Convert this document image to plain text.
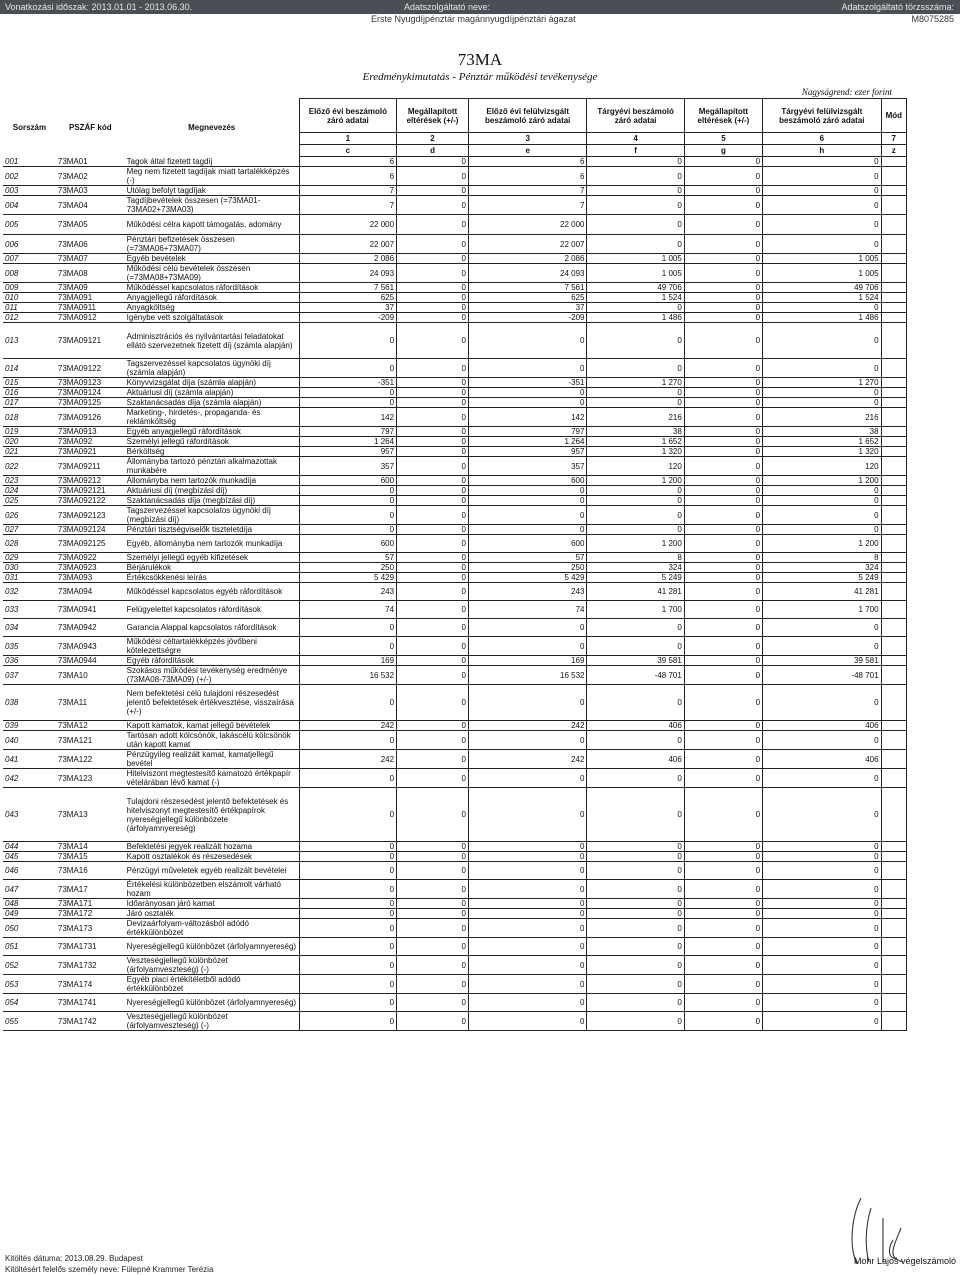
Vonatkozási időszak: 2013.01.01 - 2013.06.30.	Adatszolgáltató neve:	Adatszolgáltató törzsszáma:
Erste Nyugdíjpénztár magánnyugdíjpénztári ágazat	M8075285
73MA
Eredménykimutatás - Pénztár működési tevékenysége
Nagyságrend: ezer forint
Sorszám	PSZÁF kód	Megnevezés	Előző évi beszámoló záró adatai	Megállapított eltérések (+/-)	Előző évi felülvizsgált beszámoló záró adatai	Tárgyévi beszámoló záró adatai	Megállapított eltérések (+/-)	Tárgyévi felülvizsgált beszámoló záró adatai	Mód
			1	2	3	4	5	6	7
			c	d	e	f	g	h	z
001	73MA01	Tagok által fizetett tagdíj	6	0	6	0	0	0	
002	73MA02	Meg nem fizetett tagdíjak miatt tartalékképzés (-)	6	0	6	0	0	0	
003	73MA03	Utólag befolyt tagdíjak	7	0	7	0	0	0	
004	73MA04	Tagdíjbevételek összesen (=73MA01-73MA02+73MA03)	7	0	7	0	0	0	
005	73MA05	Működési célra kapott támogatás, adomány	22 000	0	22 000	0	0	0	
006	73MA06	Pénztári befizetések összesen (=73MA06+73MA07)	22 007	0	22 007	0	0	0	
007	73MA07	Egyéb bevételek	2 086	0	2 086	1 005	0	1 005	
008	73MA08	Működési célú bevételek összesen (=73MA08+73MA09)	24 093	0	24 093	1 005	0	1 005	
009	73MA09	Működéssel kapcsolatos ráfordítások	7 561	0	7 561	49 706	0	49 706	
010	73MA091	Anyagjellegű ráfordítások	625	0	625	1 524	0	1 524	
011	73MA0911	Anyagköltség	37	0	37	0	0	0	
012	73MA0912	Igénybe vett szolgáltatások	-209	0	-209	1 486	0	1 486	
013	73MA09121	Adminisztrációs és nyilvántartási feladatokat ellátó szervezetnek fizetett díj (számla alapján)	0	0	0	0	0	0	
014	73MA09122	Tagszervezéssel kapcsolatos ügynöki díj (számla alapján)	0	0	0	0	0	0	
015	73MA09123	Könyvvizsgálat díja (számla alapján)	-351	0	-351	1 270	0	1 270	
016	73MA09124	Aktuáriusi díj (számla alapján)	0	0	0	0	0	0	
017	73MA09125	Szaktanácsadás díja (számla alapján)	0	0	0	0	0	0	
018	73MA09126	Marketing-, hirdetés-, propaganda- és reklámköltség	142	0	142	216	0	216	
019	73MA0913	Egyéb anyagjellegű ráfordítások	797	0	797	38	0	38	
020	73MA092	Személyi jellegű ráfordítások	1 264	0	1 264	1 652	0	1 652	
021	73MA0921	Bérköltség	957	0	957	1 320	0	1 320	
022	73MA09211	Állományba tartozó pénztári alkalmazottak munkabére	357	0	357	120	0	120	
023	73MA09212	Állományba nem tartozók munkadíja	600	0	600	1 200	0	1 200	
024	73MA092121	Aktuáriusi díj (megbízási díj)	0	0	0	0	0	0	
025	73MA092122	Szaktanácsadás díja (megbízási díj)	0	0	0	0	0	0	
026	73MA092123	Tagszervezéssel kapcsolatos ügynöki díj (megbízási díj)	0	0	0	0	0	0	
027	73MA092124	Pénztári tisztségviselők tiszteletdíja	0	0	0	0	0	0	
028	73MA092125	Egyéb, állományba nem tartozók munkadíja	600	0	600	1 200	0	1 200	
029	73MA0922	Személyi jellegű egyéb kifizetések	57	0	57	8	0	8	
030	73MA0923	Bérjárulékok	250	0	250	324	0	324	
031	73MA093	Értékcsökkenési leírás	5 429	0	5 429	5 249	0	5 249	
032	73MA094	Működéssel kapcsolatos egyéb ráfordítások	243	0	243	41 281	0	41 281	
033	73MA0941	Felügyelettel kapcsolatos ráfordítások	74	0	74	1 700	0	1 700	
034	73MA0942	Garancia Alappal kapcsolatos ráfordítások	0	0	0	0	0	0	
035	73MA0943	Működési céltartalékképzés jövőbeni kötelezettségre	0	0	0	0	0	0	
036	73MA0944	Egyéb ráfordítások	169	0	169	39 581	0	39 581	
037	73MA10	Szokásos működési tevékenység eredménye (73MA08-73MA09) (+/-)	16 532	0	16 532	-48 701	0	-48 701	
038	73MA11	Nem befektetési célú tulajdoni részesedést jelentő befektetések értékvesztése, visszaírása (+/-)	0	0	0	0	0	0	
039	73MA12	Kapott kamatok, kamat jellegű bevételek	242	0	242	406	0	406	
040	73MA121	Tartósan adott kölcsönök, lakáscélú kölcsönök után kapott kamat	0	0	0	0	0	0	
041	73MA122	Pénzügyileg realizált kamat, kamatjellegű bevétel	242	0	242	406	0	406	
042	73MA123	Hitelviszont megtestesítő kamatozó értékpapír vételárában lévő kamat (-)	0	0	0	0	0	0	
043	73MA13	Tulajdoni részesedést jelentő befektetések és hitelviszonyt megtestesítő értékpapírok nyereségjellegű különbözete (árfolyamnyereség)	0	0	0	0	0	0	
044	73MA14	Befektetési jegyek realizált hozama	0	0	0	0	0	0	
045	73MA15	Kapott osztalékok és részesedések	0	0	0	0	0	0	
046	73MA16	Pénzügyi műveletek egyéb realizált bevételei	0	0	0	0	0	0	
047	73MA17	Értékelési különbözetben elszámolt várható hozam	0	0	0	0	0	0	
048	73MA171	Időarányosan járó kamat	0	0	0	0	0	0	
049	73MA172	Járó osztalék	0	0	0	0	0	0	
050	73MA173	Devizaárfolyam-változásból adódó értékkülönbözet	0	0	0	0	0	0	
051	73MA1731	Nyereségjellegű különbözet (árfolyamnyereség)	0	0	0	0	0	0	
052	73MA1732	Veszteségjellegű különbözet (árfolyamveszteség) (-)	0	0	0	0	0	0	
053	73MA174	Egyéb piaci értékítéletből adódó értékkülönbözet	0	0	0	0	0	0	
054	73MA1741	Nyereségjellegű különbözet (árfolyamnyereség)	0	0	0	0	0	0	
055	73MA1742	Veszteségjellegű különbözet (árfolyamveszteség) (-)	0	0	0	0	0	0	
Kitöltés dátuma: 2013.08.29. Budapest
Kitöltésért felelős személy neve: Fülepné Krammer Terézia
Mohr Lajos végelszámoló
